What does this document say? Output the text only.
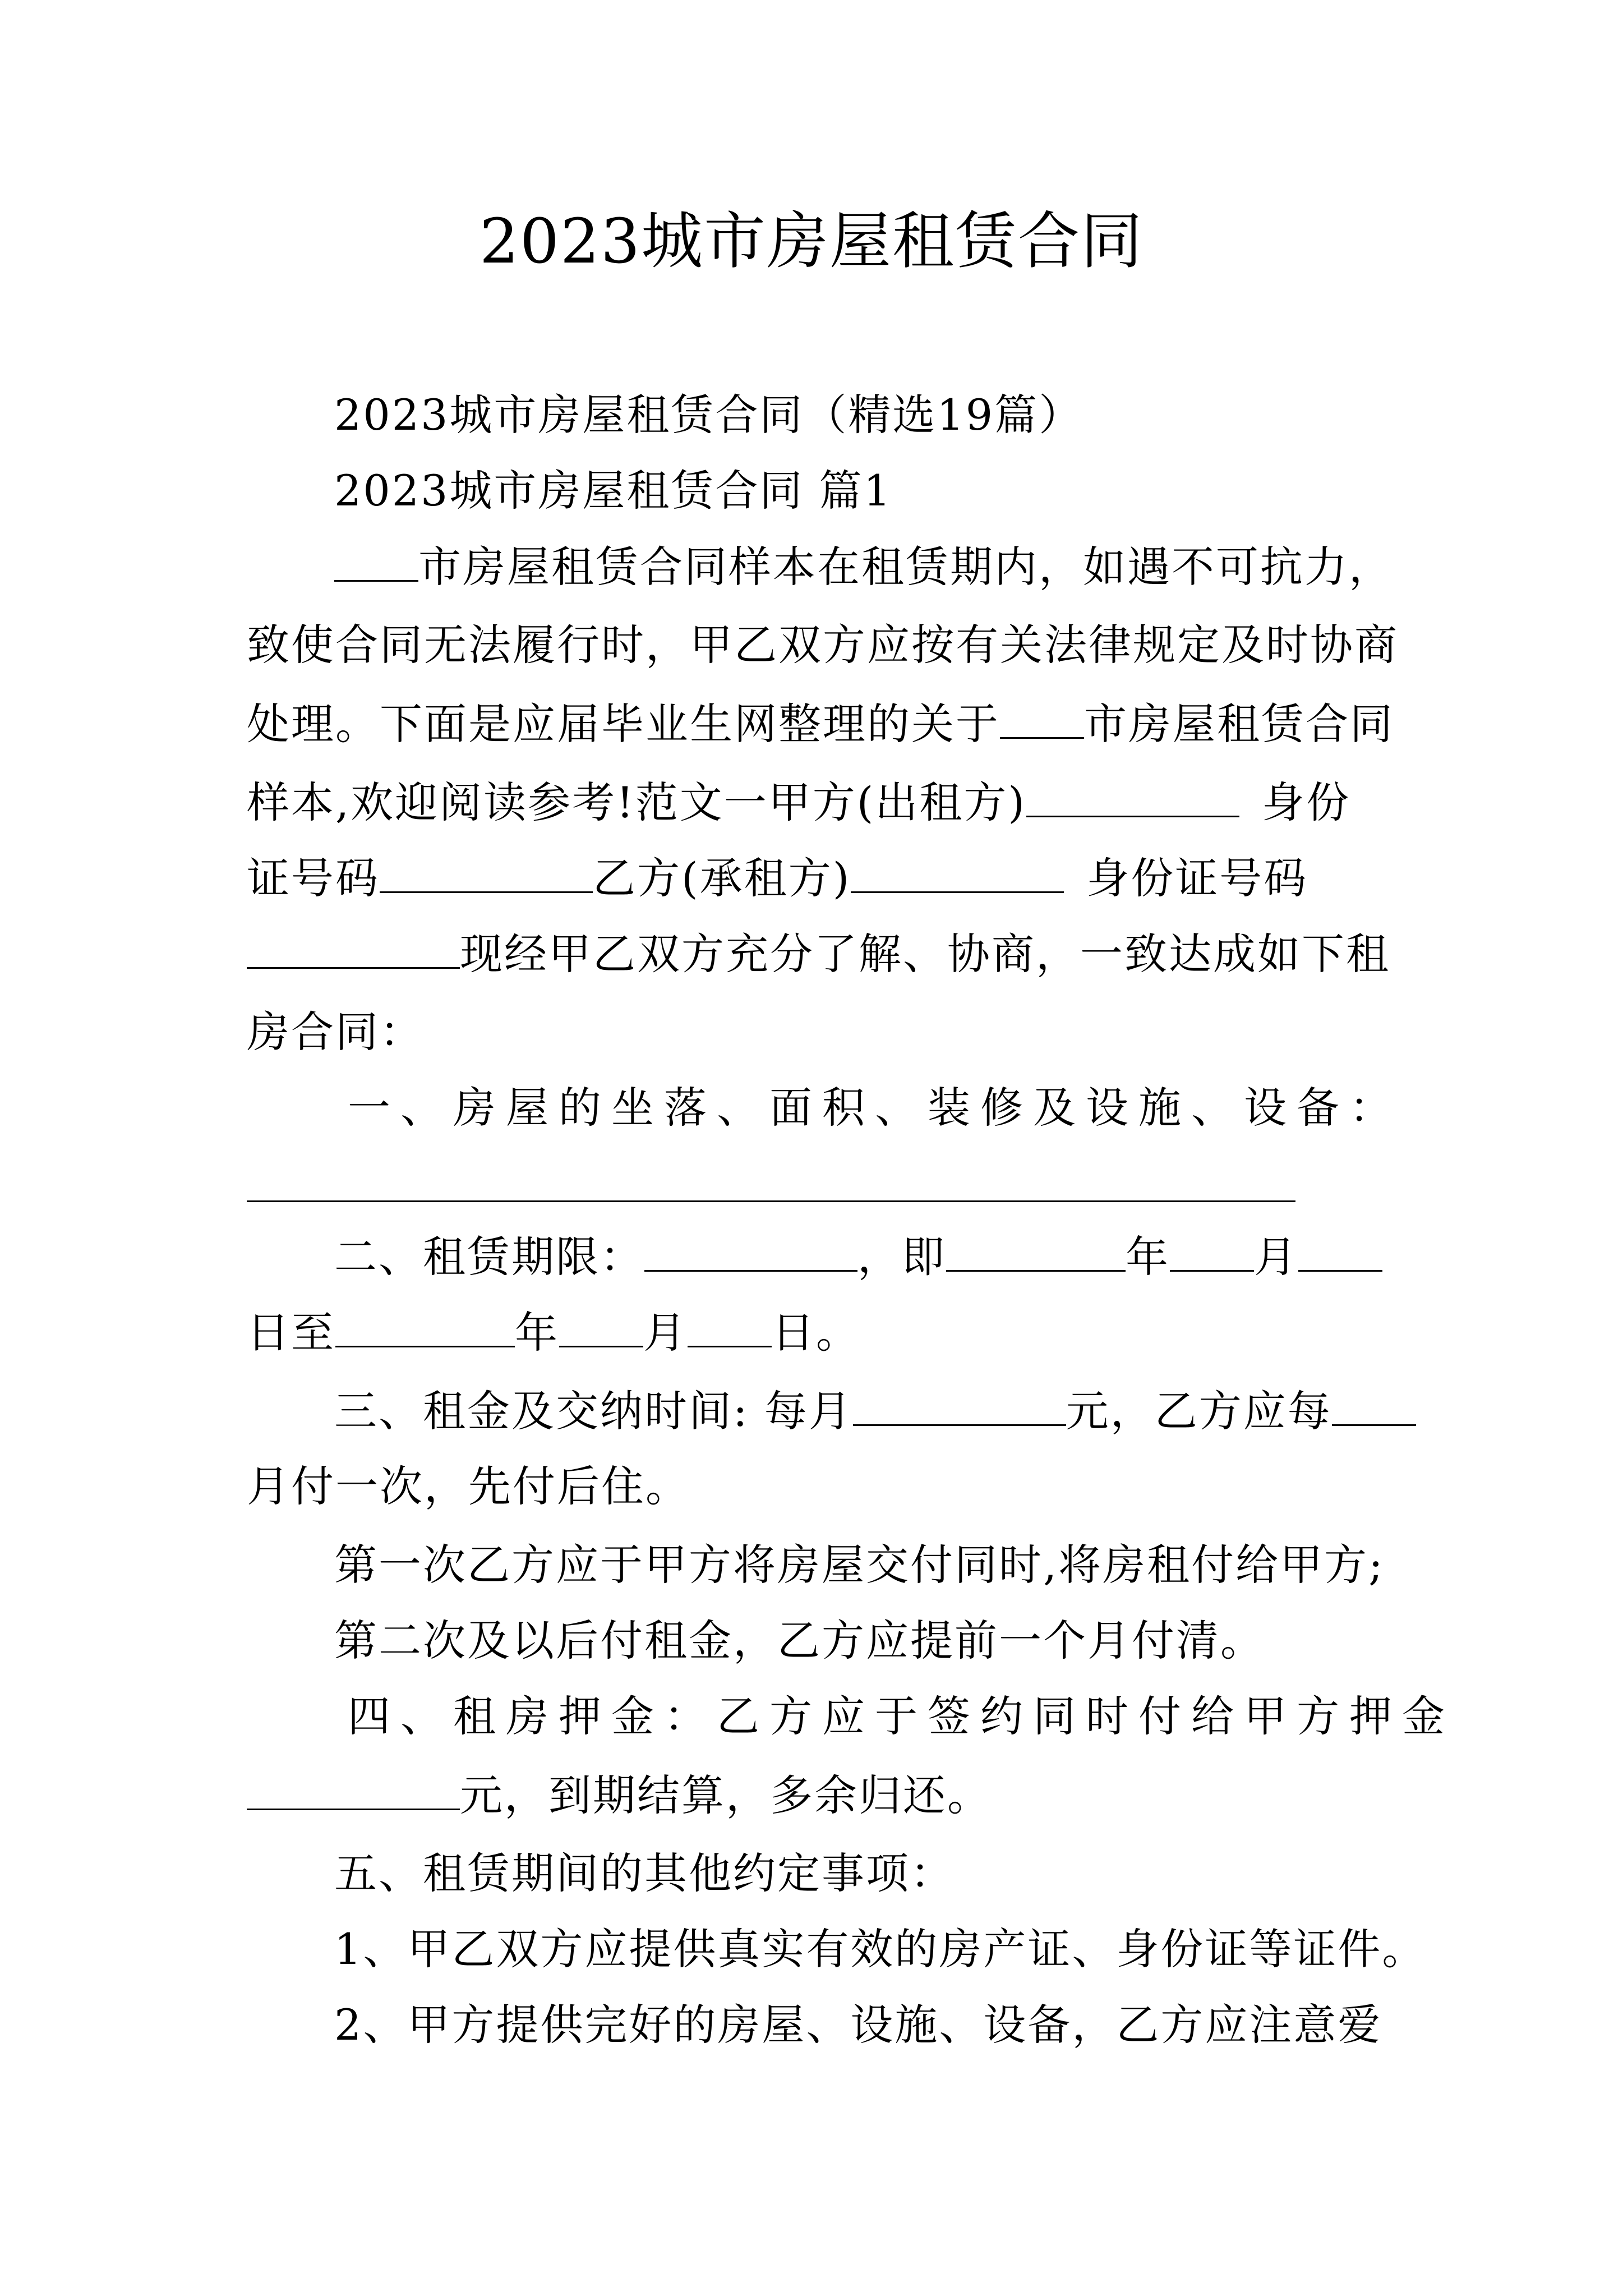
2023城市房屋租赁合同
2023城市房屋租赁合同（精选19篇）
2023城市房屋租赁合同 篇1
市房屋租赁合同样本在租赁期内，如遇不可抗力，
致使合同无法履行时，甲乙双方应按有关法律规定及时协商
处理。下面是应届毕业生网整理的关于 市房屋租赁合同
样本,欢迎阅读参考!范文一甲方(出租方)	身份
证号码	乙方(承租方)	身份证号码
现经甲乙双方充分了解、协商，一致达成如下租
房合同：
一、房屋的坐落、面积、装修及设施、设备：
二、租赁期限：	，即	年 月
日至	年 月 日。
三、租金及交纳时间: 每月	元，乙方应每
月付一次，先付后住。
第一次乙方应于甲方将房屋交付同时,将房租付给甲方;
第二次及以后付租金，乙方应提前一个月付清。
四、租房押金：乙方应于签约同时付给甲方押金
元，到期结算，多余归还。
五、租赁期间的其他约定事项：
1、甲乙双方应提供真实有效的房产证、身份证等证件。
2、甲方提供完好的房屋、设施、设备，乙方应注意爱
